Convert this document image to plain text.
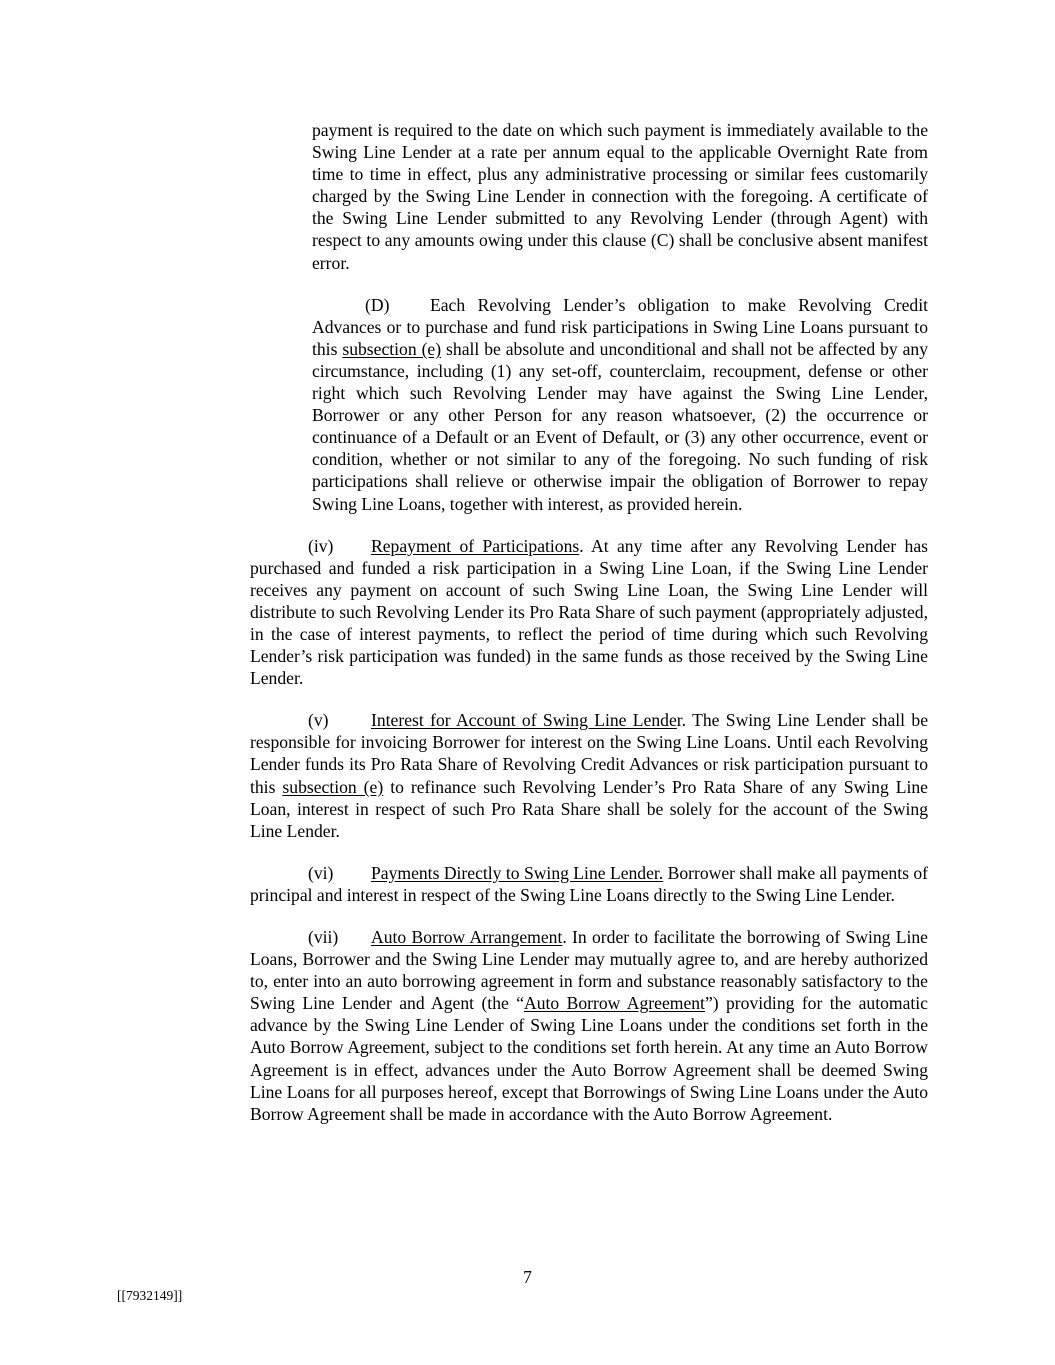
payment is required to the date on which such payment is immediately available to the Swing Line Lender at a rate per annum equal to the applicable Overnight Rate from time to time in effect, plus any administrative processing or similar fees customarily charged by the Swing Line Lender in connection with the foregoing. A certificate of the Swing Line Lender submitted to any Revolving Lender (through Agent) with respect to any amounts owing under this clause (C) shall be conclusive absent manifest error.

(D) Each Revolving Lender’s obligation to make Revolving Credit Advances or to purchase and fund risk participations in Swing Line Loans pursuant to this subsection (e) shall be absolute and unconditional and shall not be affected by any circumstance, including (1) any set-off, counterclaim, recoupment, defense or other right which such Revolving Lender may have against the Swing Line Lender, Borrower or any other Person for any reason whatsoever, (2) the occurrence or continuance of a Default or an Event of Default, or (3) any other occurrence, event or condition, whether or not similar to any of the foregoing. No such funding of risk participations shall relieve or otherwise impair the obligation of Borrower to repay Swing Line Loans, together with interest, as provided herein.

(iv) Repayment of Participations. At any time after any Revolving Lender has purchased and funded a risk participation in a Swing Line Loan, if the Swing Line Lender receives any payment on account of such Swing Line Loan, the Swing Line Lender will distribute to such Revolving Lender its Pro Rata Share of such payment (appropriately adjusted, in the case of interest payments, to reflect the period of time during which such Revolving Lender’s risk participation was funded) in the same funds as those received by the Swing Line Lender.

(v) Interest for Account of Swing Line Lender. The Swing Line Lender shall be responsible for invoicing Borrower for interest on the Swing Line Loans. Until each Revolving Lender funds its Pro Rata Share of Revolving Credit Advances or risk participation pursuant to this subsection (e) to refinance such Revolving Lender’s Pro Rata Share of any Swing Line Loan, interest in respect of such Pro Rata Share shall be solely for the account of the Swing Line Lender.

(vi) Payments Directly to Swing Line Lender. Borrower shall make all payments of principal and interest in respect of the Swing Line Loans directly to the Swing Line Lender.

(vii) Auto Borrow Arrangement. In order to facilitate the borrowing of Swing Line Loans, Borrower and the Swing Line Lender may mutually agree to, and are hereby authorized to, enter into an auto borrowing agreement in form and substance reasonably satisfactory to the Swing Line Lender and Agent (the “Auto Borrow Agreement”) providing for the automatic advance by the Swing Line Lender of Swing Line Loans under the conditions set forth in the Auto Borrow Agreement, subject to the conditions set forth herein. At any time an Auto Borrow Agreement is in effect, advances under the Auto Borrow Agreement shall be deemed Swing Line Loans for all purposes hereof, except that Borrowings of Swing Line Loans under the Auto Borrow Agreement shall be made in accordance with the Auto Borrow Agreement.

7
[[7932149]]
